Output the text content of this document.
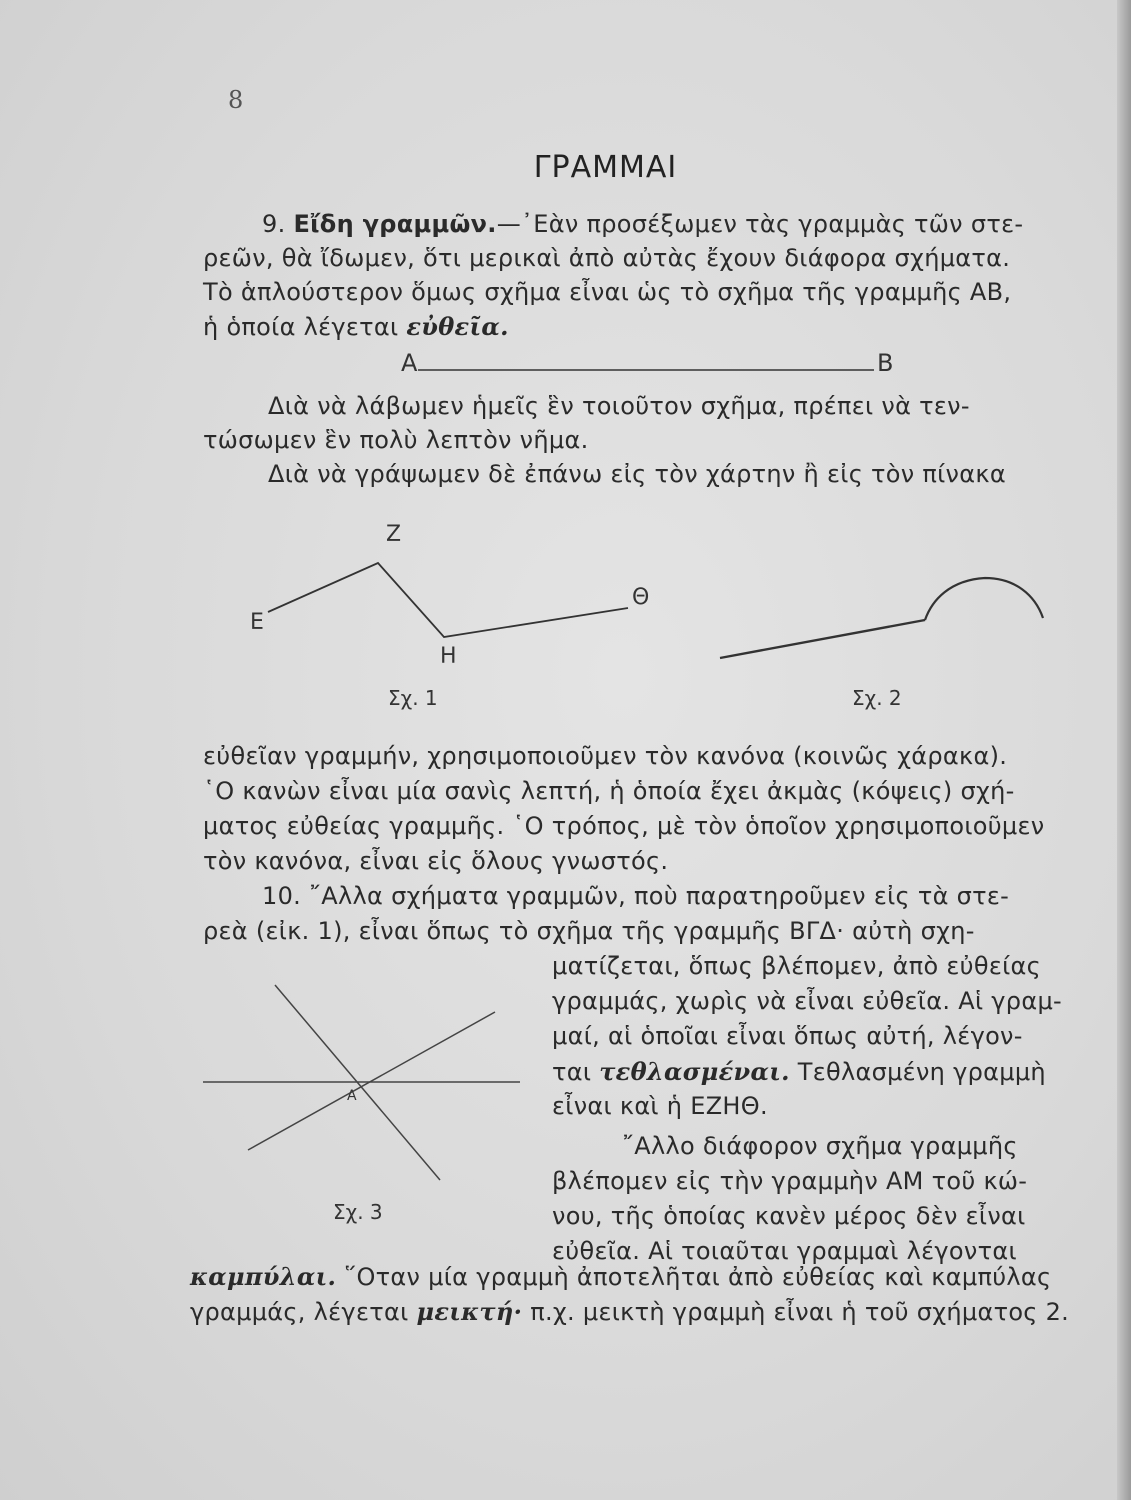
8
ΓΡΑΜΜΑΙ
9. Εἴδη γραμμῶν.—᾿Εὰν προσέξωμεν τὰς γραμμὰς τῶν στε-
ρεῶν, θὰ ἴδωμεν, ὅτι μερικαὶ ἀπὸ αὐτὰς ἔχουν διάφορα σχήματα.
Τὸ ἁπλούστερον ὅμως σχῆμα εἶναι ὡς τὸ σχῆμα τῆς γραμμῆς ΑΒ,
ἡ ὁποία λέγεται εὐθεῖα.
Α	Β
Διὰ νὰ λάβωμεν ἡμεῖς ἓν τοιοῦτον σχῆμα, πρέπει νὰ τεν-
τώσωμεν ἓν πολὺ λεπτὸν νῆμα.
Διὰ νὰ γράψωμεν δὲ ἐπάνω εἰς τὸν χάρτην ἢ εἰς τὸν πίνακα
Ε
Ζ
Η
Θ
Σχ. 1	Σχ. 2
εὐθεῖαν γραμμήν, χρησιμοποιοῦμεν τὸν κανόνα (κοινῶς χάρακα).
῾Ο κανὼν εἶναι μία σανὶς λεπτή, ἡ ὁποία ἔχει ἀκμὰς (κόψεις) σχή-
ματος εὐθείας γραμμῆς. ῾Ο τρόπος, μὲ τὸν ὁποῖον χρησιμοποιοῦμεν
τὸν κανόνα, εἶναι εἰς ὅλους γνωστός.
10. ῎Αλλα σχήματα γραμμῶν, ποὺ παρατηροῦμεν εἰς τὰ στε-
ρεὰ (εἰκ. 1), εἶναι ὅπως τὸ σχῆμα τῆς γραμμῆς ΒΓΔ· αὐτὴ σχη-
ματίζεται, ὅπως βλέπομεν, ἀπὸ εὐθείας
γραμμάς, χωρὶς νὰ εἶναι εὐθεῖα. Αἱ γραμ-
μαί, αἱ ὁποῖαι εἶναι ὅπως αὐτή, λέγον-
ται τεθλασμέναι. Τεθλασμένη γραμμὴ
εἶναι καὶ ἡ ΕΖΗΘ.
῎Αλλο διάφορον σχῆμα γραμμῆς
βλέπομεν εἰς τὴν γραμμὴν ΑΜ τοῦ κώ-
νου, τῆς ὁποίας κανὲν μέρος δὲν εἶναι
εὐθεῖα. Αἱ τοιαῦται γραμμαὶ λέγονται
Α
Σχ. 3
καμπύλαι. ῞Οταν μία γραμμὴ ἀποτελῆται ἀπὸ εὐθείας καὶ καμπύλας
γραμμάς, λέγεται μεικτή· π.χ. μεικτὴ γραμμὴ εἶναι ἡ τοῦ σχήματος 2.
